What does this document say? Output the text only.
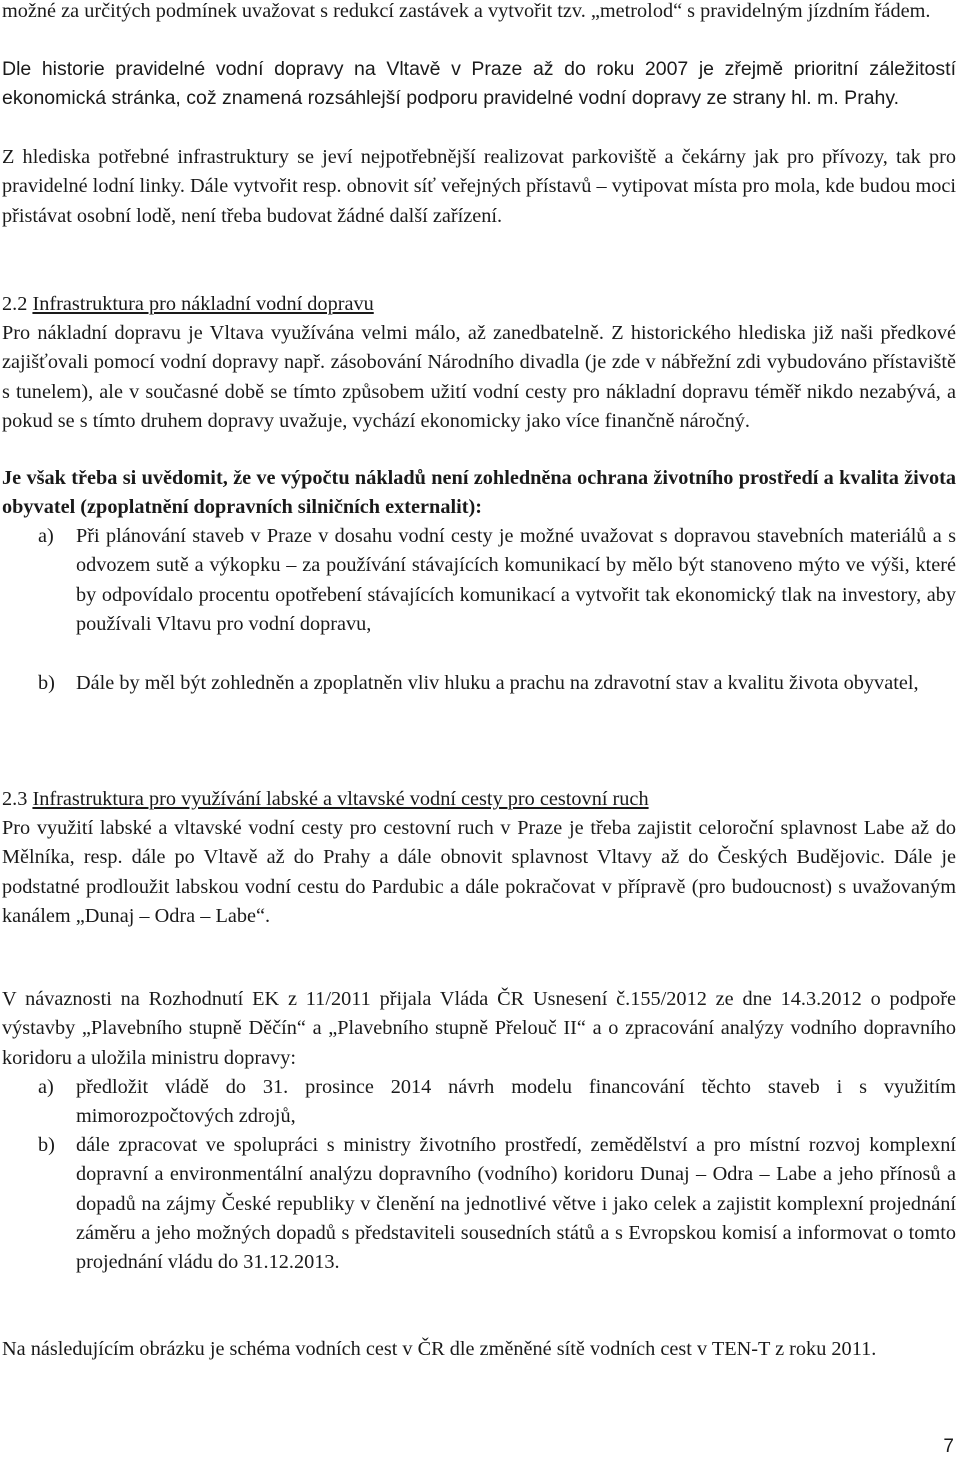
možné za určitých podmínek uvažovat s redukcí zastávek a vytvořit tzv. „metrolod“ s pravidelným jízdním řádem.

Dle historie pravidelné vodní dopravy na Vltavě v Praze až do roku 2007 je zřejmě prioritní záležitostí ekonomická stránka, což znamená rozsáhlejší podporu pravidelné vodní dopravy ze strany hl. m. Prahy.

Z hlediska potřebné infrastruktury se jeví nejpotřebnější realizovat parkoviště a čekárny jak pro přívozy, tak pro pravidelné lodní linky. Dále vytvořit resp. obnovit síť veřejných přístavů – vytipovat místa pro mola, kde budou moci přistávat osobní lodě, není třeba budovat žádné další zařízení.

2.2 Infrastruktura pro nákladní vodní dopravu

Pro nákladní dopravu je Vltava využívána velmi málo, až zanedbatelně. Z historického hlediska již naši předkové zajišťovali pomocí vodní dopravy např. zásobování Národního divadla (je zde v nábřežní zdi vybudováno přístaviště s tunelem), ale v současné době se tímto způsobem užití vodní cesty pro nákladní dopravu téměř nikdo nezabývá, a pokud se s tímto druhem dopravy uvažuje, vychází ekonomicky jako více finančně náročný.

Je však třeba si uvědomit, že ve výpočtu nákladů není zohledněna ochrana životního prostředí a kvalita života obyvatel (zpoplatnění dopravních silničních externalit):

a) Při plánování staveb v Praze v dosahu vodní cesty je možné uvažovat s dopravou stavebních materiálů a s odvozem sutě a výkopku – za používání stávajících komunikací by mělo být stanoveno mýto ve výši, které by odpovídalo procentu opotřebení stávajících komunikací a vytvořit tak ekonomický tlak na investory, aby používali Vltavu pro vodní dopravu,
b) Dále by měl být zohledněn a zpoplatněn vliv hluku a prachu na zdravotní stav a kvalitu života obyvatel,

2.3 Infrastruktura pro využívání labské a vltavské vodní cesty pro cestovní ruch

Pro využití labské a vltavské vodní cesty pro cestovní ruch v Praze je třeba zajistit celoroční splavnost Labe až do Mělníka, resp. dále po Vltavě až do Prahy a dále obnovit splavnost Vltavy až do Českých Budějovic. Dále je podstatné prodloužit labskou vodní cestu do Pardubic a dále pokračovat v přípravě (pro budoucnost) s uvažovaným kanálem „Dunaj – Odra – Labe“.

V návaznosti na Rozhodnutí EK z 11/2011 přijala Vláda ČR Usnesení č.155/2012 ze dne 14.3.2012 o podpoře výstavby „Plavebního stupně Děčín“ a „Plavebního stupně Přelouč II“ a o zpracování analýzy vodního dopravního koridoru a uložila ministru dopravy:

a) předložit vládě do 31. prosince 2014 návrh modelu financování těchto staveb i s využitím mimorozpočtových zdrojů,
b) dále zpracovat ve spolupráci s ministry životního prostředí, zemědělství a pro místní rozvoj komplexní dopravní a environmentální analýzu dopravního (vodního) koridoru Dunaj – Odra – Labe a jeho přínosů a dopadů na zájmy České republiky v členění na jednotlivé větve i jako celek a zajistit komplexní projednání záměru a jeho možných dopadů s představiteli sousedních států a s Evropskou komisí a informovat o tomto projednání vládu do 31.12.2013.

Na následujícím obrázku je schéma vodních cest v ČR dle změněné sítě vodních cest v TEN-T z roku 2011.

7
